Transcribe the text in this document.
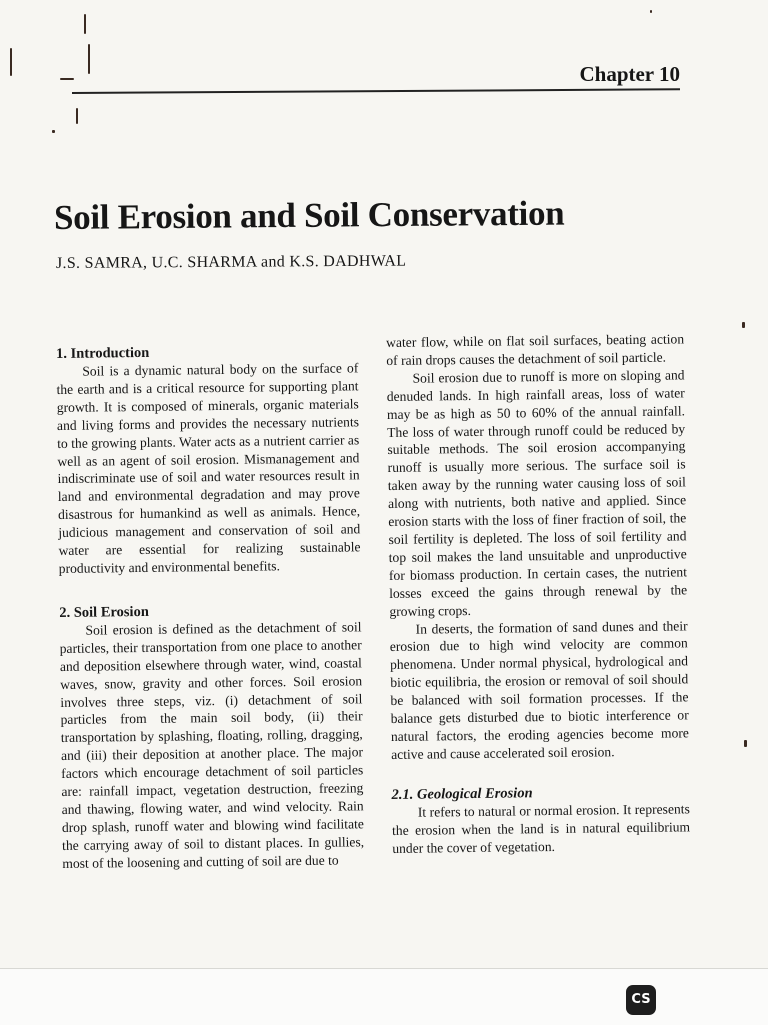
Chapter 10
Soil Erosion and Soil Conservation
J.S. SAMRA, U.C. SHARMA and K.S. DADHWAL
1. Introduction

Soil is a dynamic natural body on the surface of the earth and is a critical resource for supporting plant growth. It is composed of minerals, organic materials and living forms and provides the necessary nutrients to the growing plants. Water acts as a nutrient carrier as well as an agent of soil erosion. Mismanagement and indiscriminate use of soil and water resources result in land and environmental degradation and may prove disastrous for humankind as well as animals. Hence, judicious management and conservation of soil and water are essential for realizing sustainable productivity and environmental benefits.

2. Soil Erosion

Soil erosion is defined as the detachment of soil particles, their transportation from one place to another and deposition elsewhere through water, wind, coastal waves, snow, gravity and other forces. Soil erosion involves three steps, viz. (i) detachment of soil particles from the main soil body, (ii) their transportation by splashing, floating, rolling, dragging, and (iii) their deposition at another place. The major factors which encourage detachment of soil particles are: rainfall impact, vegetation destruction, freezing and thawing, flowing water, and wind velocity. Rain drop splash, runoff water and blowing wind facilitate the carrying away of soil to distant places. In gullies, most of the loosening and cutting of soil are due to

water flow, while on flat soil surfaces, beating action of rain drops causes the detachment of soil particle.

Soil erosion due to runoff is more on sloping and denuded lands. In high rainfall areas, loss of water may be as high as 50 to 60% of the annual rainfall. The loss of water through runoff could be reduced by suitable methods. The soil erosion accompanying runoff is usually more serious. The surface soil is taken away by the running water causing loss of soil along with nutrients, both native and applied. Since erosion starts with the loss of finer fraction of soil, the soil fertility is depleted. The loss of soil fertility and top soil makes the land unsuitable and unproductive for biomass production. In certain cases, the nutrient losses exceed the gains through renewal by the growing crops.

In deserts, the formation of sand dunes and their erosion due to high wind velocity are common phenomena. Under normal physical, hydrological and biotic equilibria, the erosion or removal of soil should be balanced with soil formation processes. If the balance gets disturbed due to biotic interference or natural factors, the eroding agencies become more active and cause accelerated soil erosion.

2.1. Geological Erosion

It refers to natural or normal erosion. It represents the erosion when the land is in natural equilibrium under the cover of vegetation.

CS
